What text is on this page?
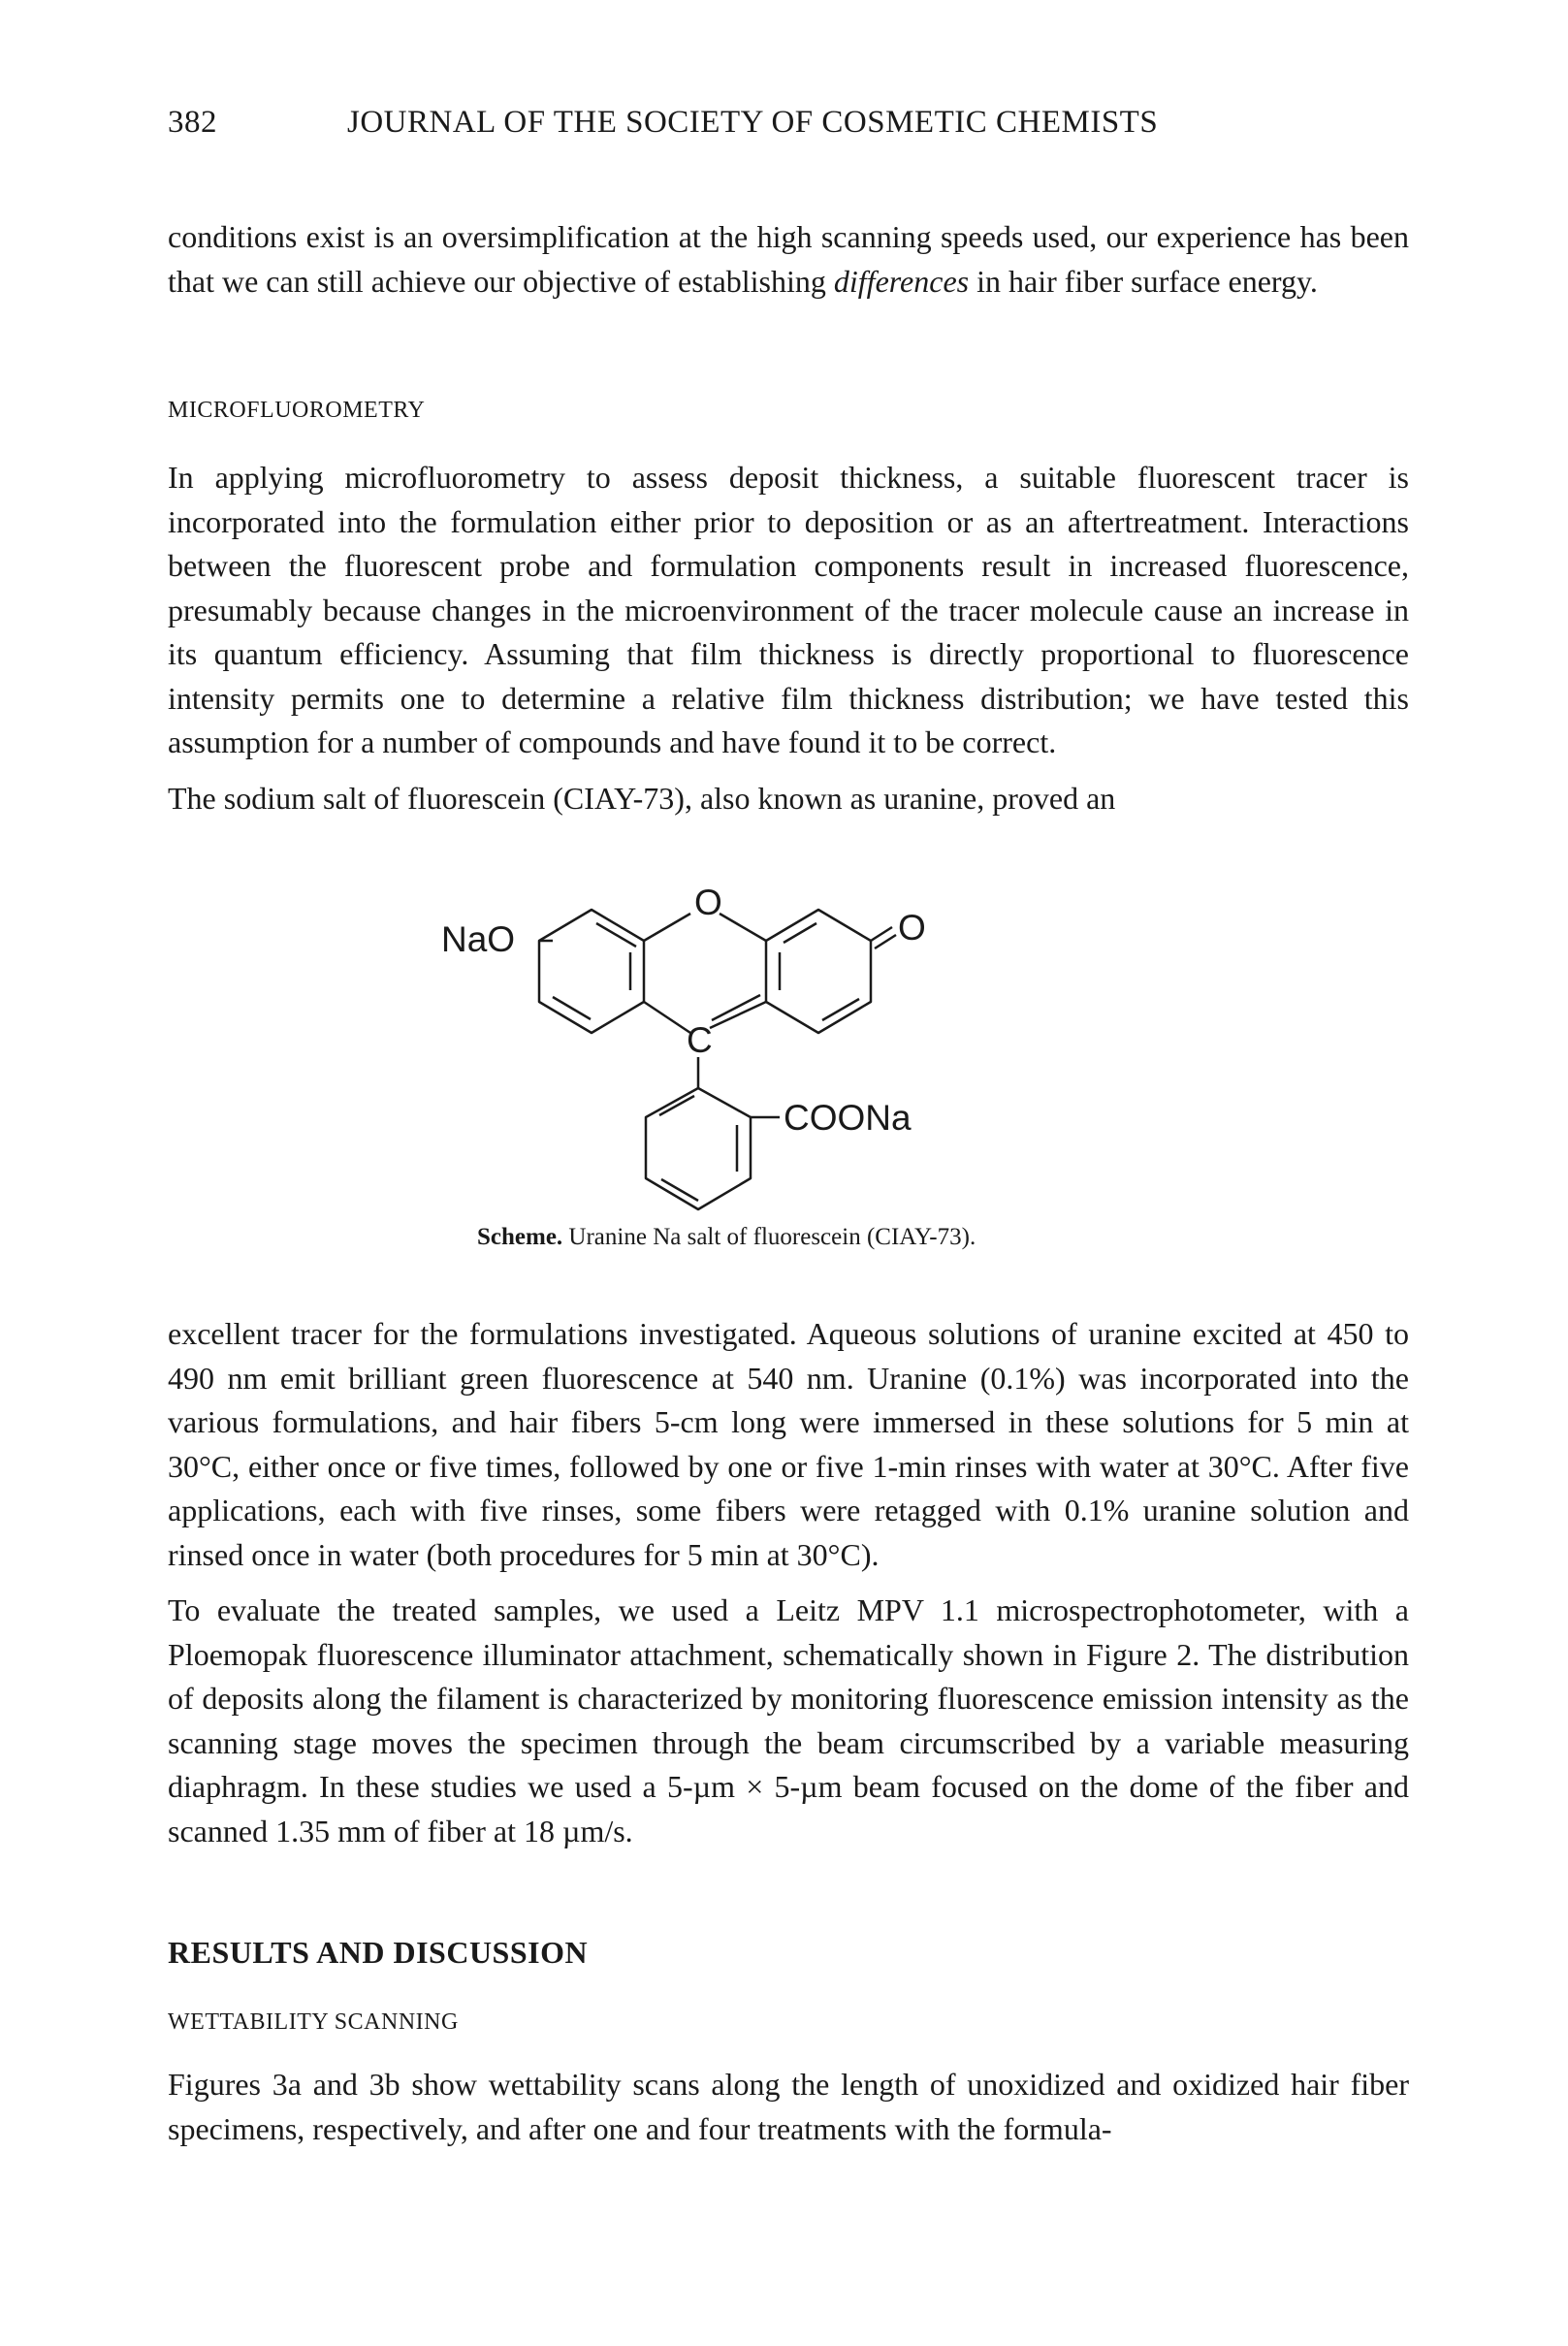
382	JOURNAL OF THE SOCIETY OF COSMETIC CHEMISTS

conditions exist is an oversimplification at the high scanning speeds used, our experience has been that we can still achieve our objective of establishing differences in hair fiber surface energy.

MICROFLUOROMETRY

In applying microfluorometry to assess deposit thickness, a suitable fluorescent tracer is incorporated into the formulation either prior to deposition or as an aftertreatment. Interactions between the fluorescent probe and formulation components result in increased fluorescence, presumably because changes in the microenvironment of the tracer molecule cause an increase in its quantum efficiency. Assuming that film thickness is directly proportional to fluorescence intensity permits one to determine a relative film thickness distribution; we have tested this assumption for a number of compounds and have found it to be correct.

The sodium salt of fluorescein (CIAY-73), also known as uranine, proved an

NaO
O
O
C
COONa
Scheme. Uranine Na salt of fluorescein (CIAY-73).

excellent tracer for the formulations investigated. Aqueous solutions of uranine excited at 450 to 490 nm emit brilliant green fluorescence at 540 nm. Uranine (0.1%) was incorporated into the various formulations, and hair fibers 5-cm long were immersed in these solutions for 5 min at 30°C, either once or five times, followed by one or five 1-min rinses with water at 30°C. After five applications, each with five rinses, some fibers were retagged with 0.1% uranine solution and rinsed once in water (both procedures for 5 min at 30°C).

To evaluate the treated samples, we used a Leitz MPV 1.1 microspectrophotometer, with a Ploemopak fluorescence illuminator attachment, schematically shown in Figure 2. The distribution of deposits along the filament is characterized by monitoring fluorescence emission intensity as the scanning stage moves the specimen through the beam circumscribed by a variable measuring diaphragm. In these studies we used a 5-µm × 5-µm beam focused on the dome of the fiber and scanned 1.35 mm of fiber at 18 µm/s.

RESULTS AND DISCUSSION
WETTABILITY SCANNING

Figures 3a and 3b show wettability scans along the length of unoxidized and oxidized hair fiber specimens, respectively, and after one and four treatments with the formula-
